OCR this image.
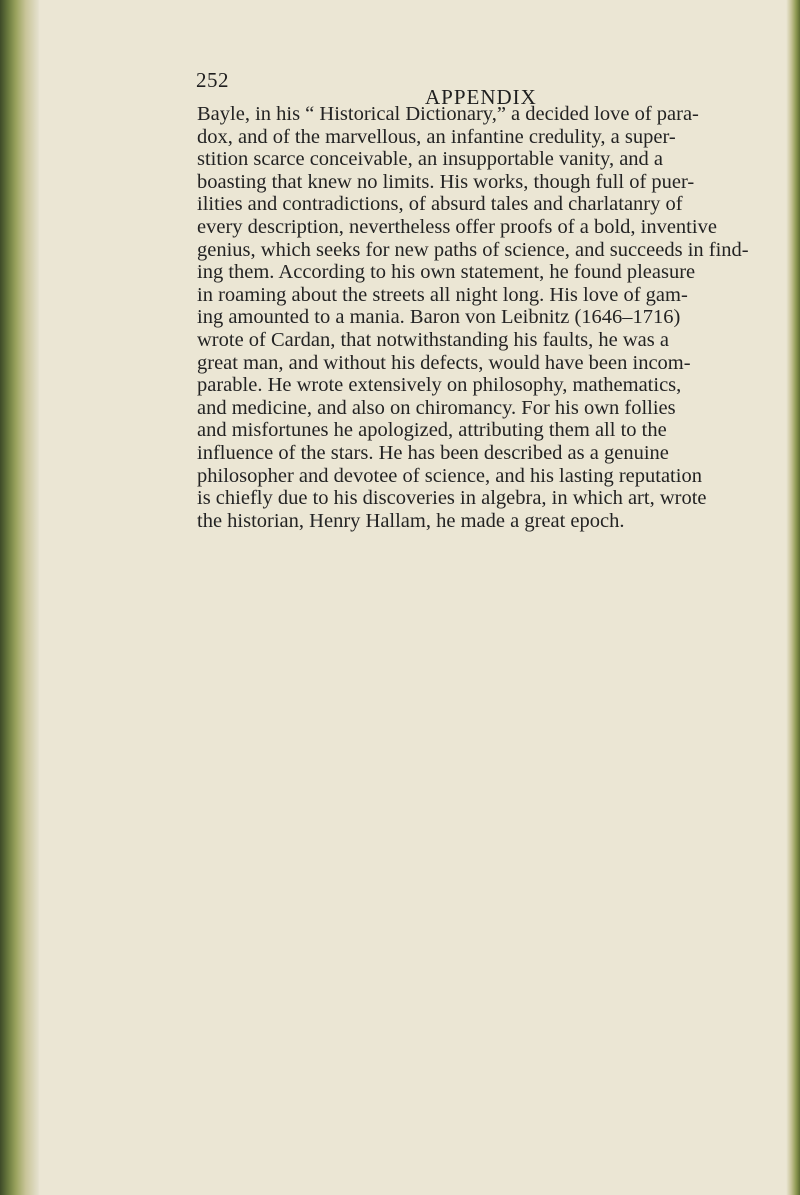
252
APPENDIX
Bayle, in his “ Historical Dictionary,” a decided love of para-
dox, and of the marvellous, an infantine credulity, a super-
stition scarce conceivable, an insupportable vanity, and a
boasting that knew no limits. His works, though full of puer-
ilities and contradictions, of absurd tales and charlatanry of
every description, nevertheless offer proofs of a bold, inventive
genius, which seeks for new paths of science, and succeeds in find-
ing them. According to his own statement, he found pleasure
in roaming about the streets all night long. His love of gam-
ing amounted to a mania. Baron von Leibnitz (1646–1716)
wrote of Cardan, that notwithstanding his faults, he was a
great man, and without his defects, would have been incom-
parable. He wrote extensively on philosophy, mathematics,
and medicine, and also on chiromancy. For his own follies
and misfortunes he apologized, attributing them all to the
influence of the stars. He has been described as a genuine
philosopher and devotee of science, and his lasting reputation
is chiefly due to his discoveries in algebra, in which art, wrote
the historian, Henry Hallam, he made a great epoch.
